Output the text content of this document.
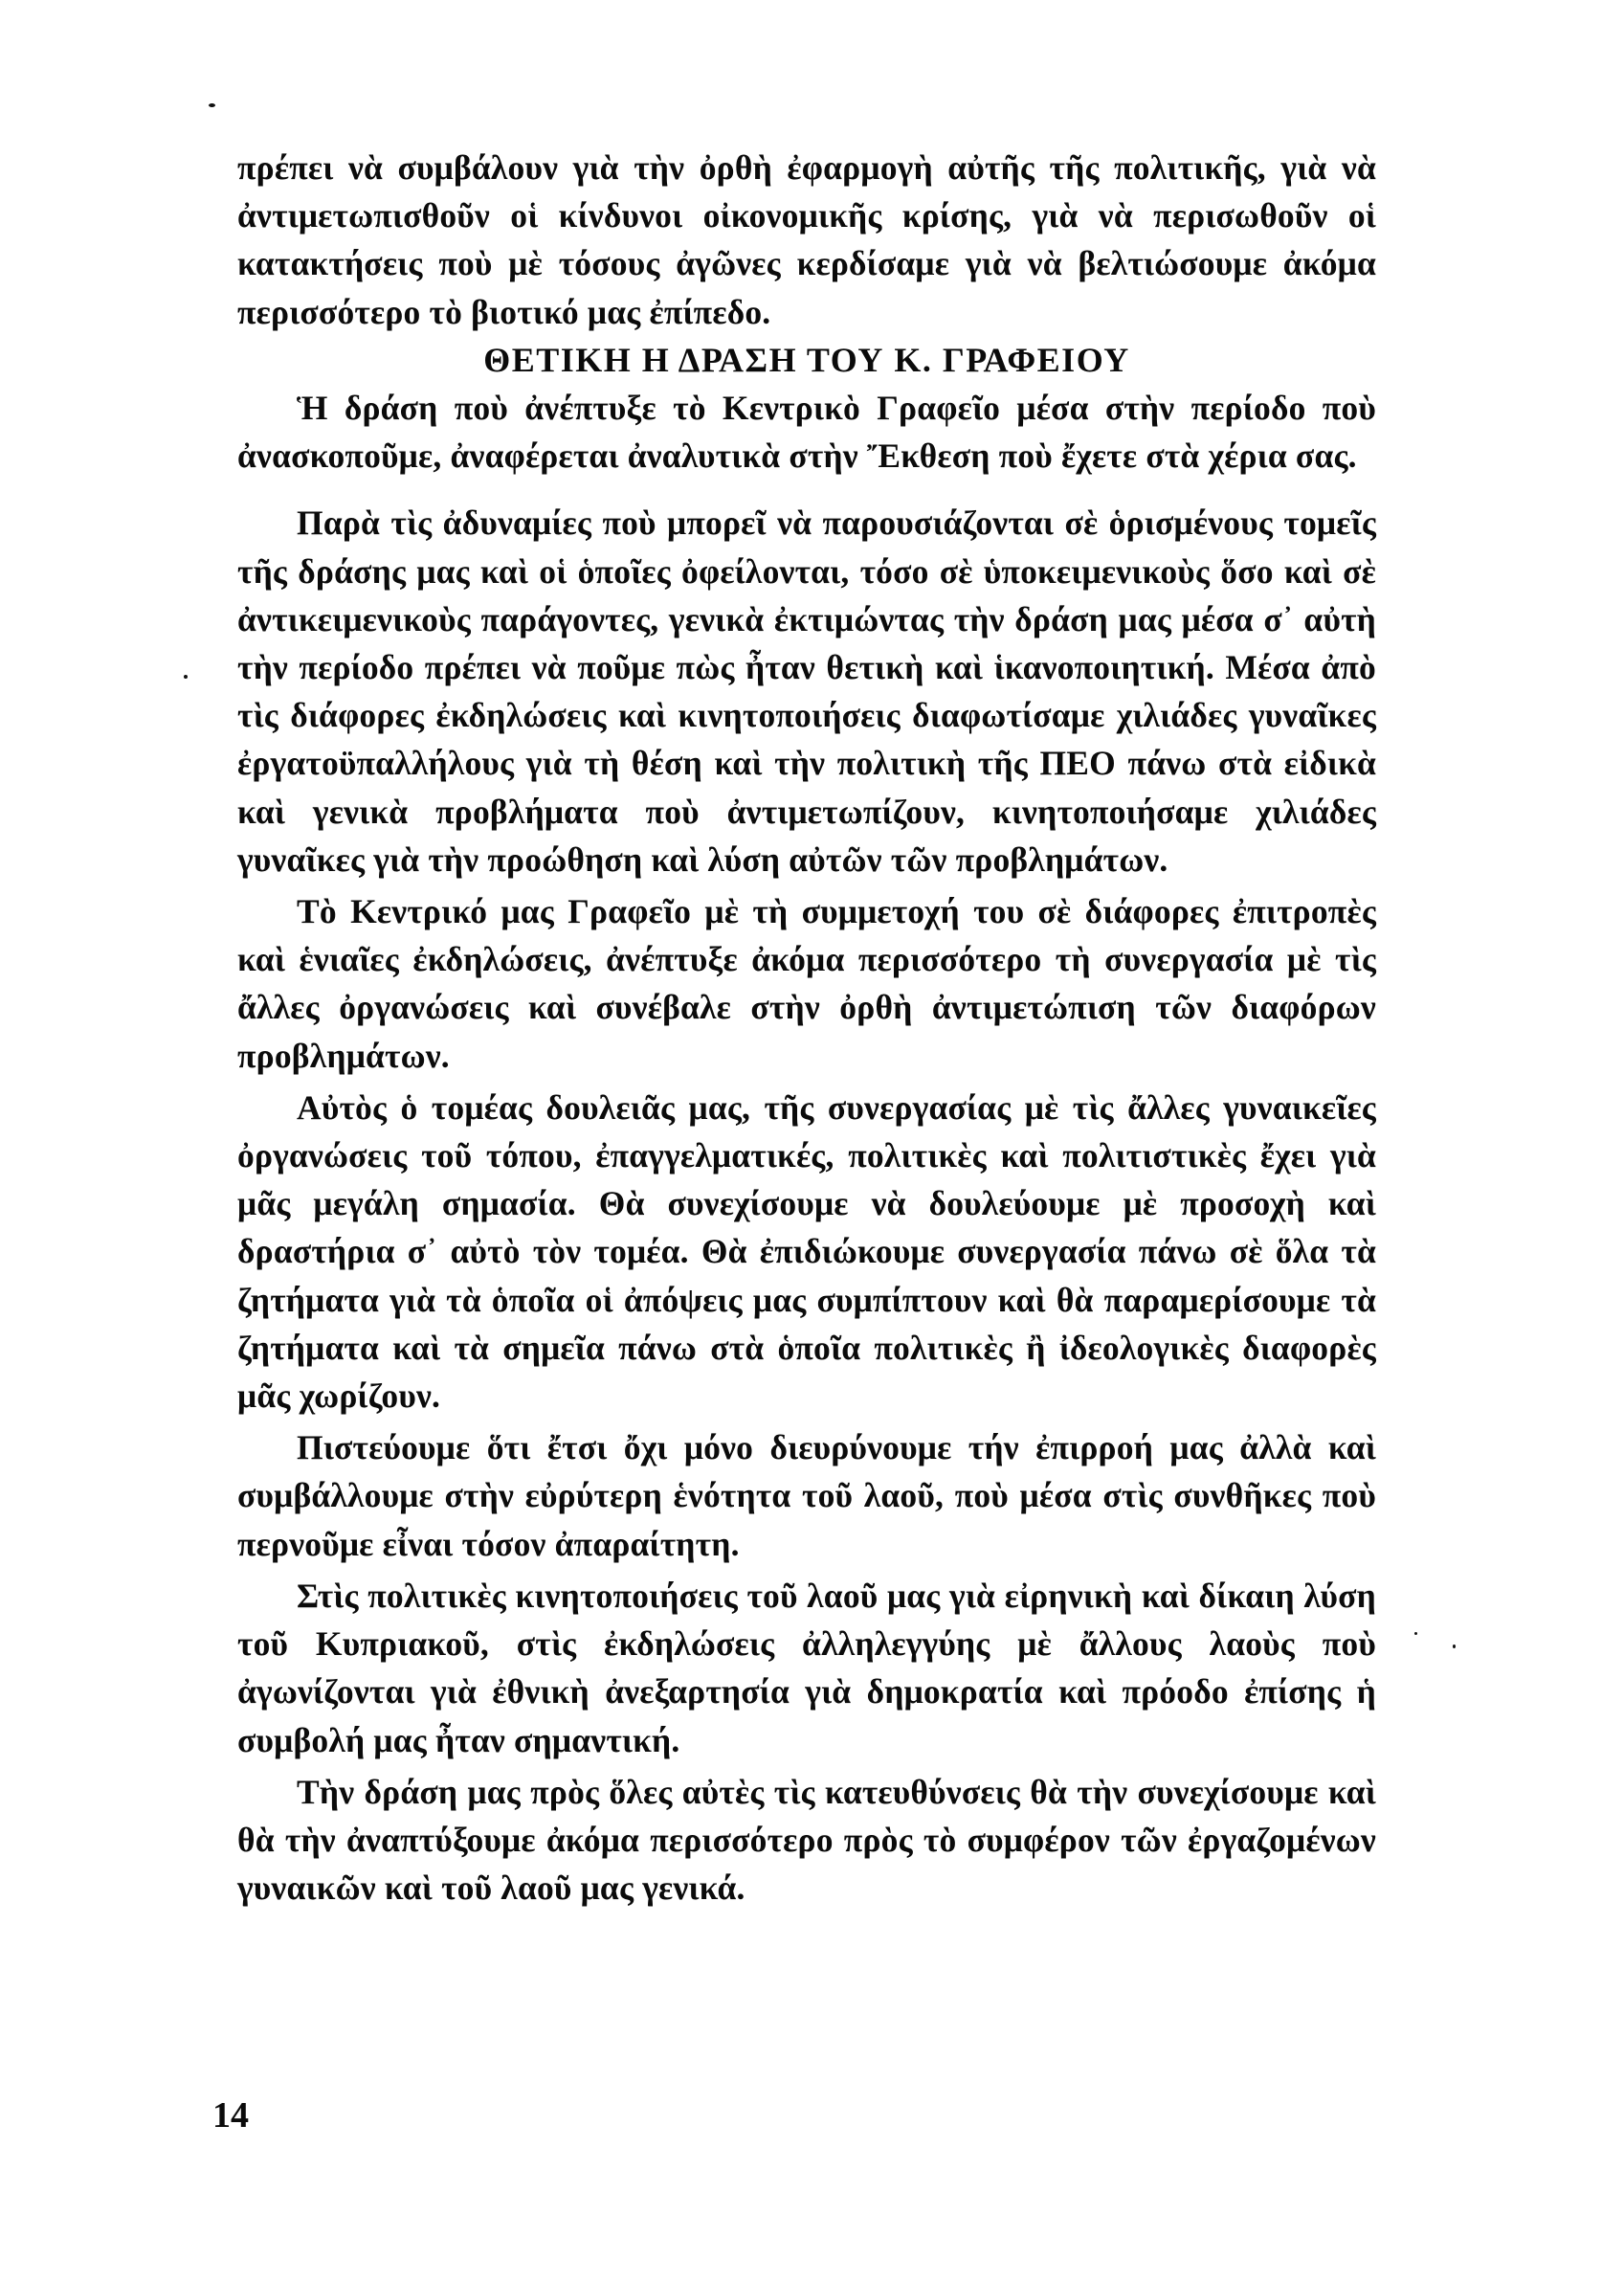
πρέπει νὰ συμβάλουν γιὰ τὴν ὀρθὴ ἐφαρμογὴ αὐτῆς τῆς πολιτικῆς, γιὰ νὰ ἀντιμετωπισθοῦν οἱ κίνδυνοι οἰκονομικῆς κρίσης, γιὰ νὰ περισωθοῦν οἱ κατακτήσεις ποὺ μὲ τόσους ἀγῶνες κερδίσαμε γιὰ νὰ βελτιώσουμε ἀκόμα περισσότερο τὸ βιοτικό μας ἐπίπεδο.

ΘΕΤΙΚΗ Η ΔΡΑΣΗ ΤΟΥ Κ. ΓΡΑΦΕΙΟΥ

Ἡ δράση ποὺ ἀνέπτυξε τὸ Κεντρικὸ Γραφεῖο μέσα στὴν περίοδο ποὺ ἀνασκοποῦμε, ἀναφέρεται ἀναλυτικὰ στὴν Ἔκθεση ποὺ ἔχετε στὰ χέρια σας.

Παρὰ τὶς ἀδυναμίες ποὺ μπορεῖ νὰ παρουσιάζονται σὲ ὁρισμένους τομεῖς τῆς δράσης μας καὶ οἱ ὁποῖες ὀφείλονται, τόσο σὲ ὑποκειμενικοὺς ὅσο καὶ σὲ ἀντικειμενικοὺς παράγοντες, γενικὰ ἐκτιμώντας τὴν δράση μας μέσα σ᾿ αὐτὴ τὴν περίοδο πρέπει νὰ ποῦμε πὼς ἦταν θετικὴ καὶ ἱκανοποιητική. Μέσα ἀπὸ τὶς διάφορες ἐκδηλώσεις καὶ κινητοποιήσεις διαφωτίσαμε χιλιάδες γυναῖκες ἐργατοϋπαλλήλους γιὰ τὴ θέση καὶ τὴν πολιτικὴ τῆς ΠΕΟ πάνω στὰ εἰδικὰ καὶ γενικὰ προβλήματα ποὺ ἀντιμετωπίζουν, κινητοποιήσαμε χιλιάδες γυναῖκες γιὰ τὴν προώθηση καὶ λύση αὐτῶν τῶν προβλημάτων.

Τὸ Κεντρικό μας Γραφεῖο μὲ τὴ συμμετοχή του σὲ διάφορες ἐπιτροπὲς καὶ ἑνιαῖες ἐκδηλώσεις, ἀνέπτυξε ἀκόμα περισσότερο τὴ συνεργασία μὲ τὶς ἄλλες ὀργανώσεις καὶ συνέβαλε στὴν ὀρθὴ ἀντιμετώπιση τῶν διαφόρων προβλημάτων.

Αὐτὸς ὁ τομέας δουλειᾶς μας, τῆς συνεργασίας μὲ τὶς ἄλλες γυναικεῖες ὀργανώσεις τοῦ τόπου, ἐπαγγελματικές, πολιτικὲς καὶ πολιτιστικὲς ἔχει γιὰ μᾶς μεγάλη σημασία. Θὰ συνεχίσουμε νὰ δουλεύουμε μὲ προσοχὴ καὶ δραστήρια σ᾿ αὐτὸ τὸν τομέα. Θὰ ἐπιδιώκουμε συνεργασία πάνω σὲ ὅλα τὰ ζητήματα γιὰ τὰ ὁποῖα οἱ ἀπόψεις μας συμπίπτουν καὶ θὰ παραμερίσουμε τὰ ζητήματα καὶ τὰ σημεῖα πάνω στὰ ὁποῖα πολιτικὲς ἢ ἰδεολογικὲς διαφορὲς μᾶς χωρίζουν.

Πιστεύουμε ὅτι ἔτσι ὄχι μόνο διευρύνουμε τήν ἐπιρροή μας ἀλλὰ καὶ συμβάλλουμε στὴν εὐρύτερη ἑνότητα τοῦ λαοῦ, ποὺ μέσα στὶς συνθῆκες ποὺ περνοῦμε εἶναι τόσον ἀπαραίτητη.

Στὶς πολιτικὲς κινητοποιήσεις τοῦ λαοῦ μας γιὰ εἰρηνικὴ καὶ δίκαιη λύση τοῦ Κυπριακοῦ, στὶς ἐκδηλώσεις ἀλληλεγγύης μὲ ἄλλους λαοὺς ποὺ ἀγωνίζονται γιὰ ἐθνικὴ ἀνεξαρτησία γιὰ δημοκρατία καὶ πρόοδο ἐπίσης ἡ συμβολή μας ἦταν σημαντική.

Τὴν δράση μας πρὸς ὅλες αὐτὲς τὶς κατευθύνσεις θὰ τὴν συνεχίσουμε καὶ θὰ τὴν ἀναπτύξουμε ἀκόμα περισσότερο πρὸς τὸ συμφέρον τῶν ἐργαζομένων γυναικῶν καὶ τοῦ λαοῦ μας γενικά.

14
